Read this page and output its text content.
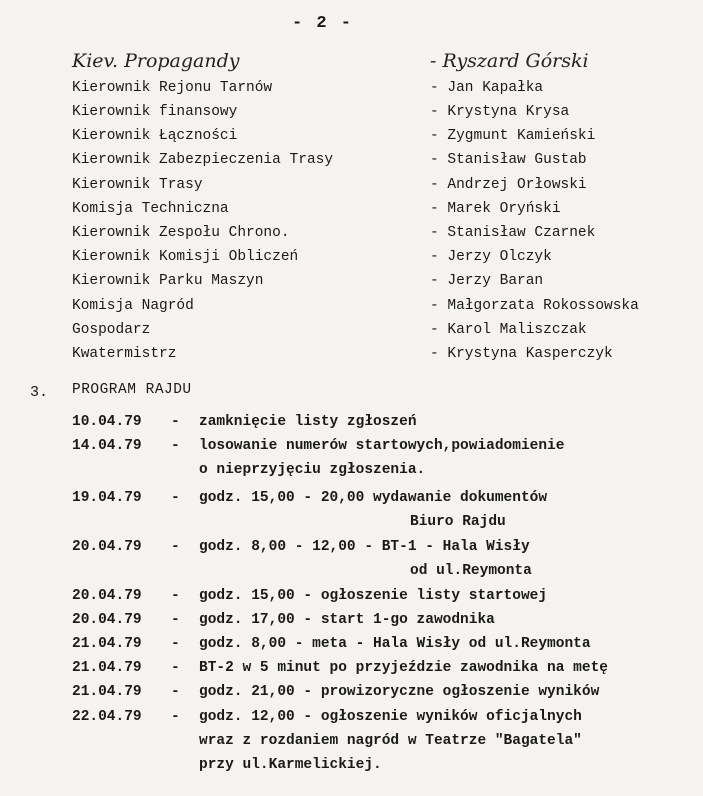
- 2 -
Kiev. Propagandy	- Ryszard Górski
Kierownik Rejonu Tarnów	- Jan Kapałka
Kierownik finansowy	- Krystyna Krysa
Kierownik Łączności	- Zygmunt Kamieński
Kierownik Zabezpieczenia Trasy	- Stanisław Gustab
Kierownik Trasy	- Andrzej Orłowski
Komisja Techniczna	- Marek Oryński
Kierownik Zespołu Chrono.	- Stanisław Czarnek
Kierownik Komisji Obliczeń	- Jerzy Olczyk
Kierownik Parku Maszyn	- Jerzy Baran
Komisja Nagród	- Małgorzata Rokossowska
Gospodarz	- Karol Maliszczak
Kwatermistrz	- Krystyna Kasperczyk
3. PROGRAM RAJDU
10.04.79 - zamknięcie listy zgłoszeń
14.04.79 - losowanie numerów startowych,powiadomienie
o nieprzyjęciu zgłoszenia.
19.04.79 - godz. 15,00 - 20,00 wydawanie dokumentów
Biuro Rajdu
20.04.79 - godz. 8,00 - 12,00 - BT-1 - Hala Wisły
od ul.Reymonta
20.04.79 - godz. 15,00 - ogłoszenie listy startowej
20.04.79 - godz. 17,00 - start 1-go zawodnika
21.04.79 - godz. 8,00 - meta - Hala Wisły od ul.Reymonta
21.04.79 - BT-2 w 5 minut po przyjeździe zawodnika na metę
21.04.79 - godz. 21,00 - prowizoryczne ogłoszenie wyników
22.04.79 - godz. 12,00 - ogłoszenie wyników oficjalnych
wraz z rozdaniem nagród w Teatrze "Bagatela"
przy ul.Karmelickiej.
